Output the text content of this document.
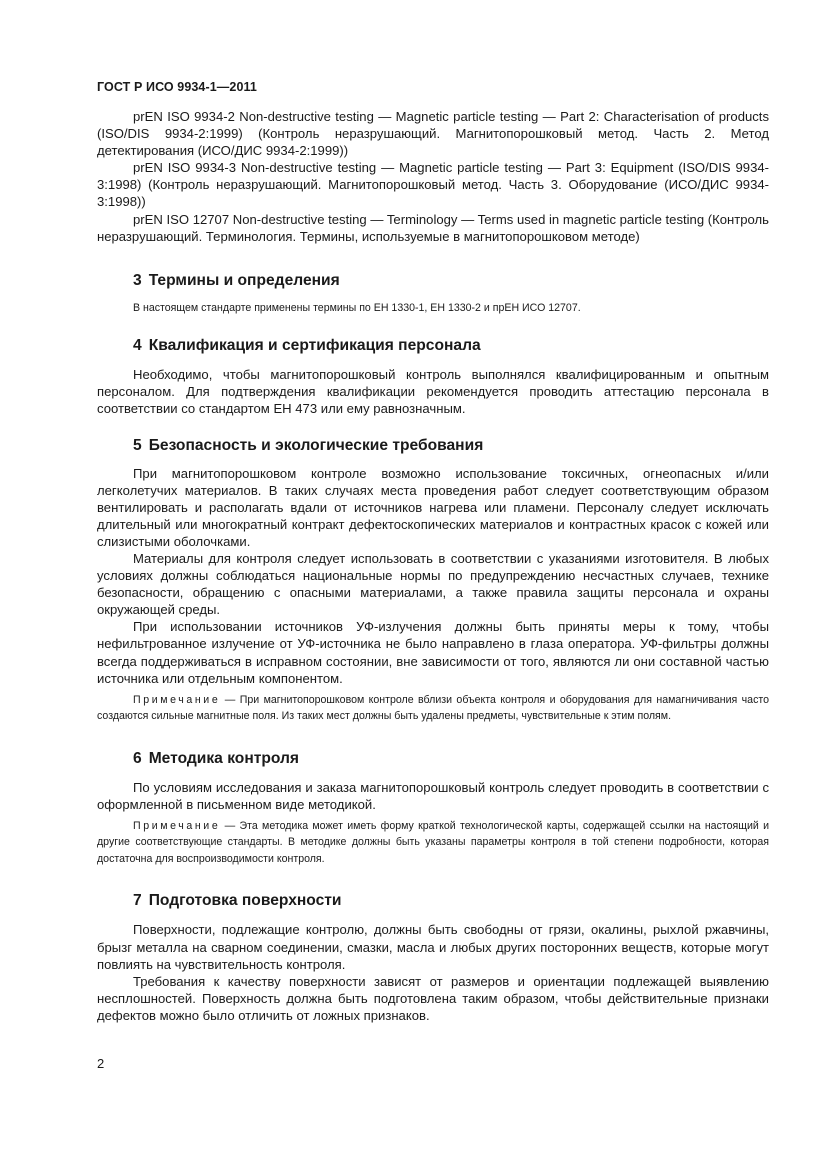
ГОСТ Р ИСО 9934-1—2011

prEN ISO 9934-2 Non-destructive testing — Magnetic particle testing — Part 2: Characterisation of products (ISO/DIS 9934-2:1999) (Контроль неразрушающий. Магнитопорошковый метод. Часть 2. Метод детектирования (ИСО/ДИС 9934-2:1999))

prEN ISO 9934-3 Non-destructive testing — Magnetic particle testing — Part 3: Equipment (ISO/DIS 9934-3:1998) (Контроль неразрушающий. Магнитопорошковый метод. Часть 3. Оборудование (ИСО/ДИС 9934-3:1998))

prEN ISO 12707 Non-destructive testing — Terminology — Terms used in magnetic particle testing (Контроль неразрушающий. Терминология. Термины, используемые в магнитопорошковом методе)

3 Термины и определения

В настоящем стандарте применены термины по ЕН 1330-1, ЕН 1330-2 и прЕН ИСО 12707.

4 Квалификация и сертификация персонала

Необходимо, чтобы магнитопорошковый контроль выполнялся квалифицированным и опытным персоналом. Для подтверждения квалификации рекомендуется проводить аттестацию персонала в соответствии со стандартом ЕН 473 или ему равнозначным.

5 Безопасность и экологические требования

При магнитопорошковом контроле возможно использование токсичных, огнеопасных и/или легколетучих материалов. В таких случаях места проведения работ следует соответствующим образом вентилировать и располагать вдали от источников нагрева или пламени. Персоналу следует исключать длительный или многократный контракт дефектоскопических материалов и контрастных красок с кожей или слизистыми оболочками.

Материалы для контроля следует использовать в соответствии с указаниями изготовителя. В любых условиях должны соблюдаться национальные нормы по предупреждению несчастных случаев, технике безопасности, обращению с опасными материалами, а также правила защиты персонала и охраны окружающей среды.

При использовании источников УФ-излучения должны быть приняты меры к тому, чтобы нефильтрованное излучение от УФ-источника не было направлено в глаза оператора. УФ-фильтры должны всегда поддерживаться в исправном состоянии, вне зависимости от того, являются ли они составной частью источника или отдельным компонентом.

Примечание — При магнитопорошковом контроле вблизи объекта контроля и оборудования для намагничивания часто создаются сильные магнитные поля. Из таких мест должны быть удалены предметы, чувствительные к этим полям.

6 Методика контроля

По условиям исследования и заказа магнитопорошковый контроль следует проводить в соответствии с оформленной в письменном виде методикой.

Примечание — Эта методика может иметь форму краткой технологической карты, содержащей ссылки на настоящий и другие соответствующие стандарты. В методике должны быть указаны параметры контроля в той степени подробности, которая достаточна для воспроизводимости контроля.

7 Подготовка поверхности

Поверхности, подлежащие контролю, должны быть свободны от грязи, окалины, рыхлой ржавчины, брызг металла на сварном соединении, смазки, масла и любых других посторонних веществ, которые могут повлиять на чувствительность контроля.

Требования к качеству поверхности зависят от размеров и ориентации подлежащей выявлению несплошностей. Поверхность должна быть подготовлена таким образом, чтобы действительные признаки дефектов можно было отличить от ложных признаков.

2
